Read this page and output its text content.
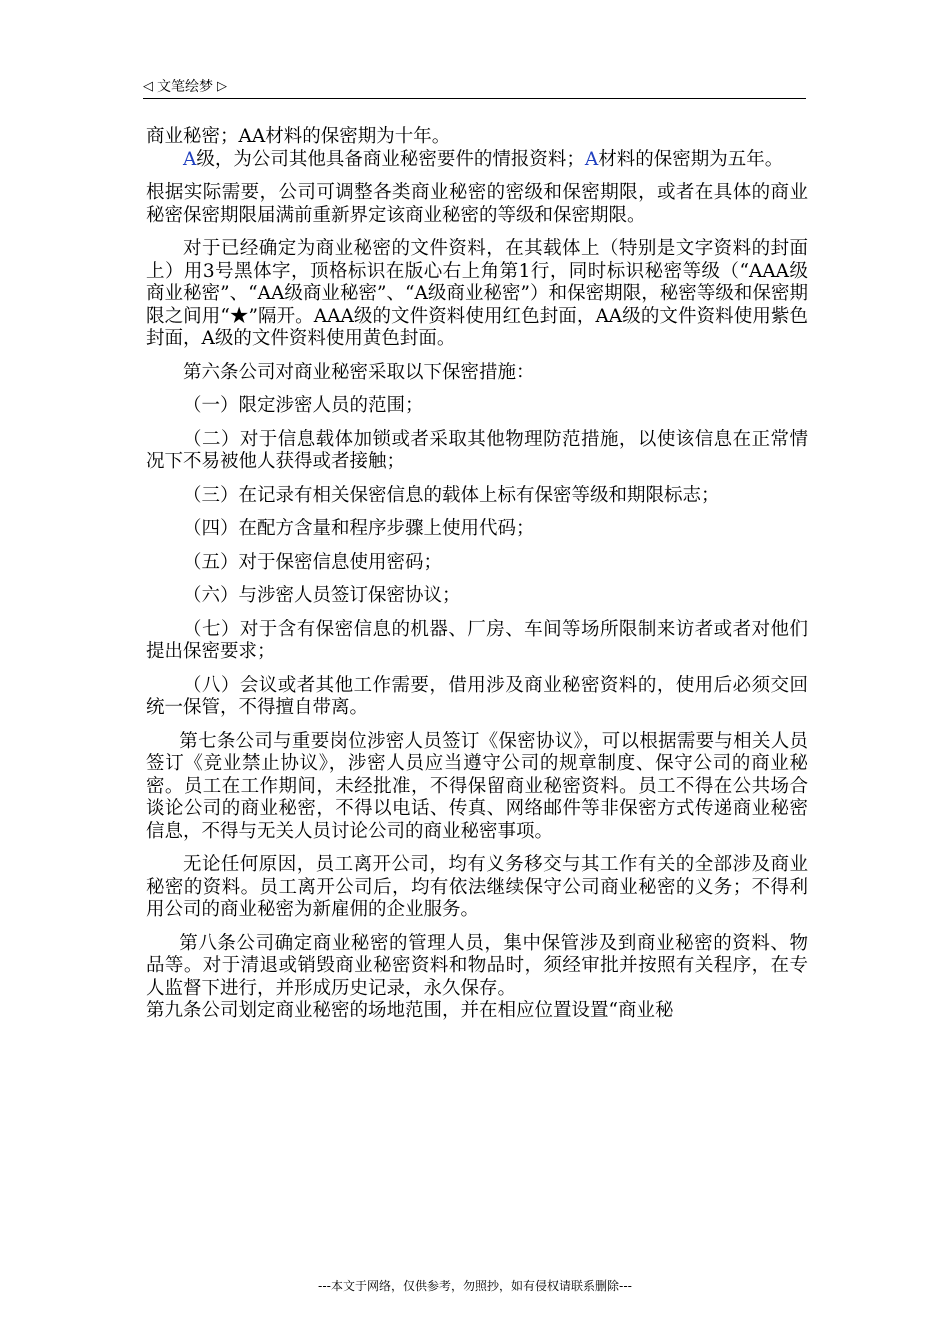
◁ 文笔绘梦 ▷

商业秘密；AA材料的保密期为十年。

A级，为公司其他具备商业秘密要件的情报资料；A材料的保密期为五年。

根据实际需要，公司可调整各类商业秘密的密级和保密期限，或者在具体的商业秘密保密期限届满前重新界定该商业秘密的等级和保密期限。

对于已经确定为商业秘密的文件资料，在其载体上（特别是文字资料的封面上）用3号黑体字，顶格标识在版心右上角第1行，同时标识秘密等级（“AAA级商业秘密”、“AA级商业秘密”、“A级商业秘密”）和保密期限，秘密等级和保密期限之间用“★”隔开。AAA级的文件资料使用红色封面，AA级的文件资料使用紫色封面，A级的文件资料使用黄色封面。

第六条公司对商业秘密采取以下保密措施：

（一）限定涉密人员的范围；

（二）对于信息载体加锁或者采取其他物理防范措施，以使该信息在正常情况下不易被他人获得或者接触；

（三）在记录有相关保密信息的载体上标有保密等级和期限标志；

（四）在配方含量和程序步骤上使用代码；

（五）对于保密信息使用密码；

（六）与涉密人员签订保密协议；

（七）对于含有保密信息的机器、厂房、车间等场所限制来访者或者对他们提出保密要求；

（八）会议或者其他工作需要，借用涉及商业秘密资料的，使用后必须交回统一保管，不得擅自带离。

第七条公司与重要岗位涉密人员签订《保密协议》，可以根据需要与相关人员签订《竞业禁止协议》，涉密人员应当遵守公司的规章制度、保守公司的商业秘密。员工在工作期间，未经批准，不得保留商业秘密资料。员工不得在公共场合谈论公司的商业秘密，不得以电话、传真、网络邮件等非保密方式传递商业秘密信息，不得与无关人员讨论公司的商业秘密事项。

无论任何原因，员工离开公司，均有义务移交与其工作有关的全部涉及商业秘密的资料。员工离开公司后，均有依法继续保守公司商业秘密的义务；不得利用公司的商业秘密为新雇佣的企业服务。

第八条公司确定商业秘密的管理人员，集中保管涉及到商业秘密的资料、物品等。对于清退或销毁商业秘密资料和物品时，须经审批并按照有关程序，在专人监督下进行，并形成历史记录，永久保存。

第九条公司划定商业秘密的场地范围，并在相应位置设置“商业秘

---本文于网络，仅供参考，勿照抄，如有侵权请联系删除---
